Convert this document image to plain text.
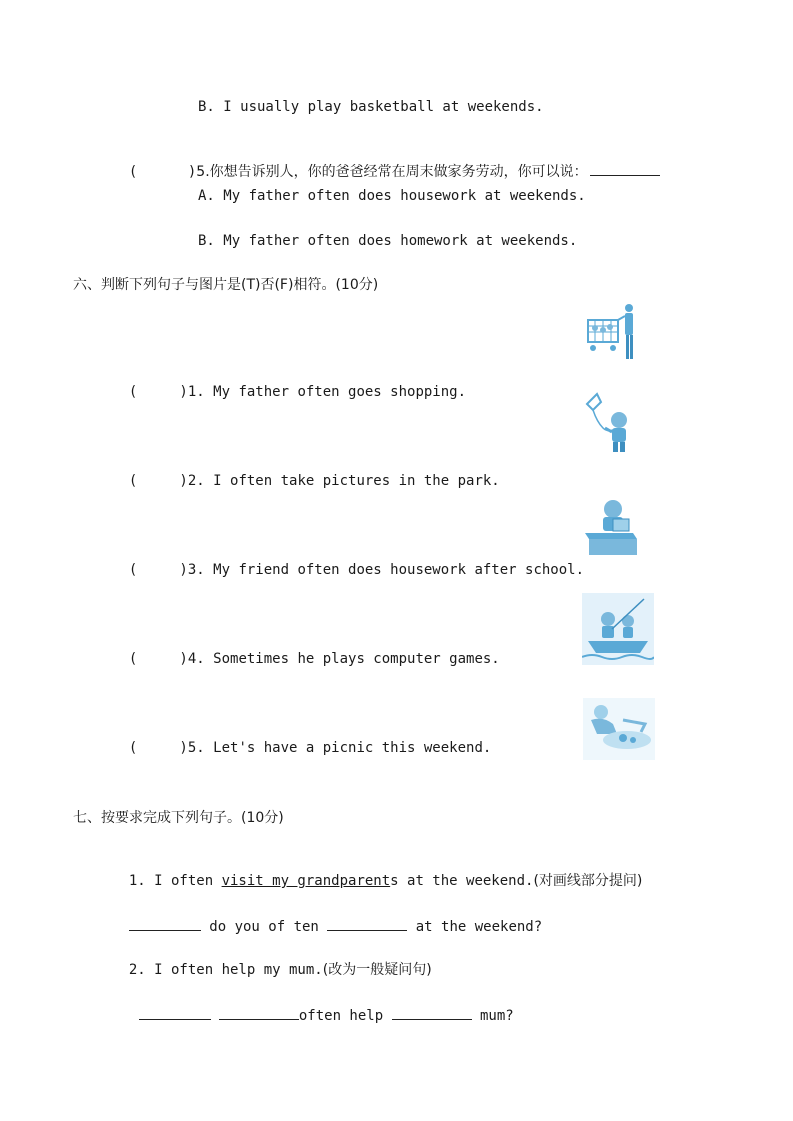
B. I usually play basketball at weekends.

(      )5.你想告诉别人，你的爸爸经常在周末做家务劳动，你可以说：

A. My father often does housework at weekends.
B. My father often does homework at weekends.
六、判断下列句子与图片是(T)否(F)相符。(10分)

(     )1. My father often goes shopping.

(     )2. I often take pictures in the park.

(     )3. My friend often does housework after school.

(     )4. Sometimes he plays computer games.

(     )5. Let's have a picnic this weekend.

七、按要求完成下列句子。(10分)

1. I often visit my grandparents at the weekend.(对画线部分提问)

do you of ten	at the weekend?

2. I often help my mum.(改为一般疑问句)

often help	mum?
